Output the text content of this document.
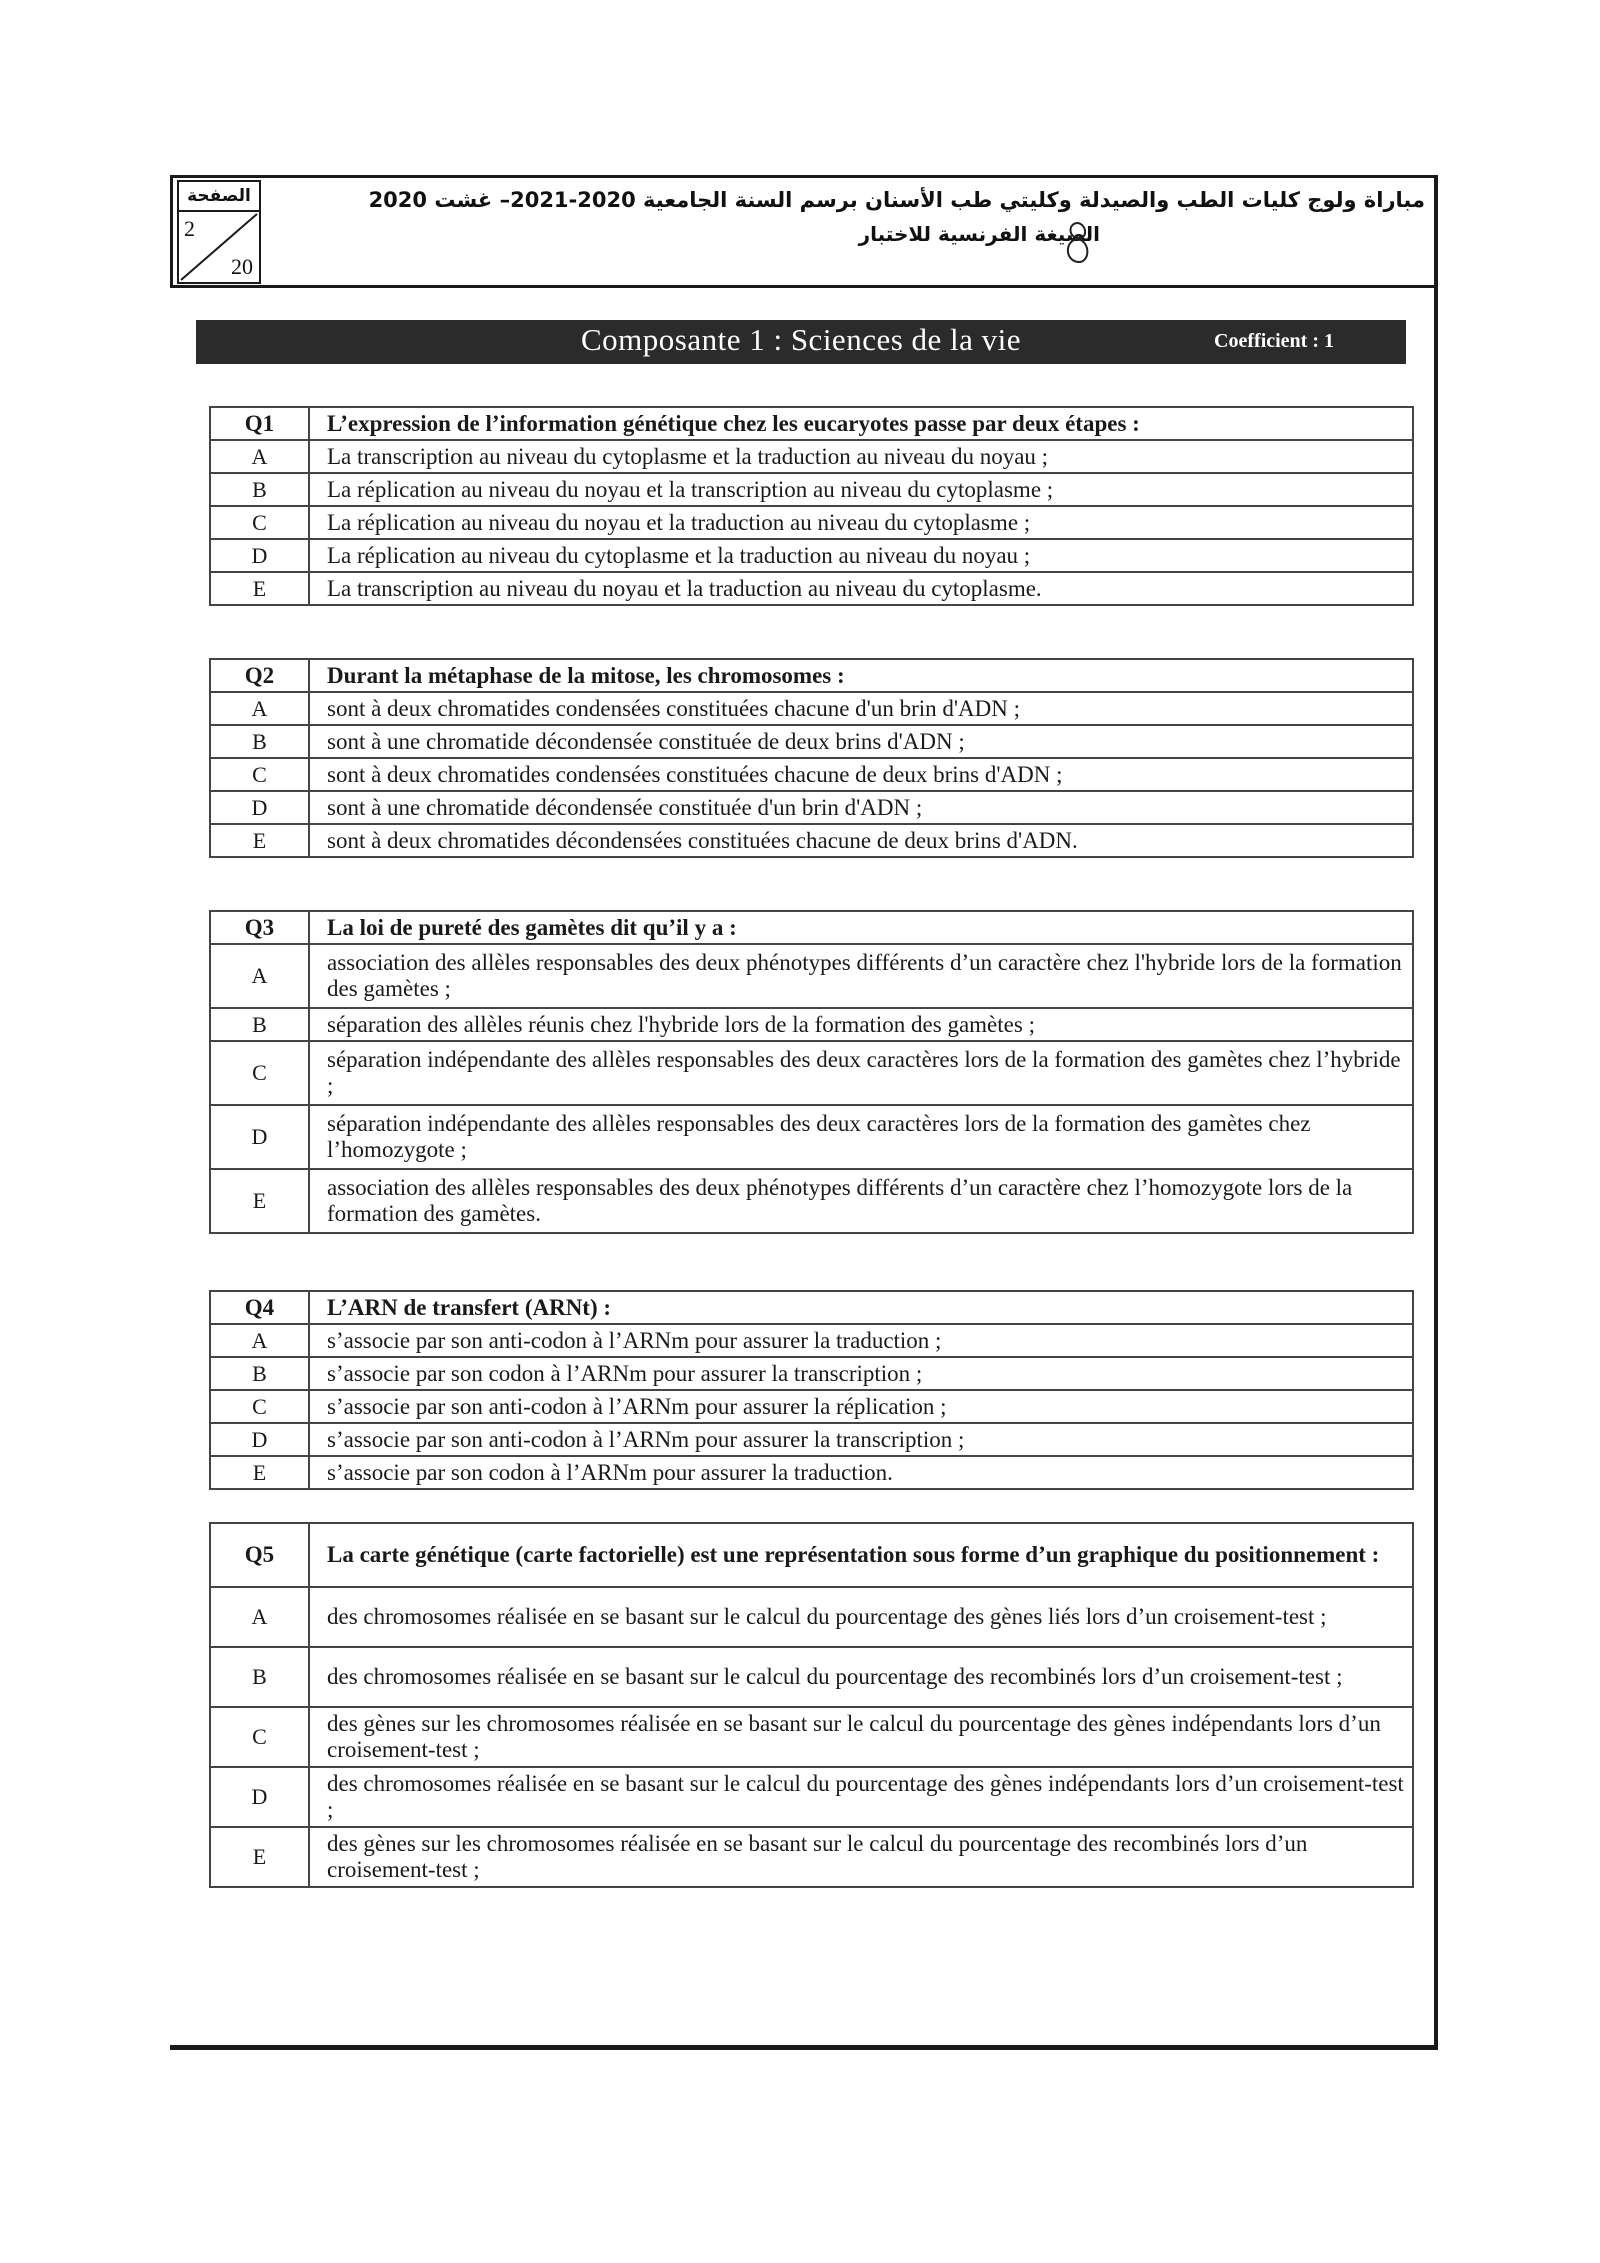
الصفحة
2
20
مباراة ولوج كليات الطب والصيدلة وكليتي طب الأسنان برسم السنة الجامعية 2020-2021– غشت 2020
الصيغة الفرنسية للاختبار
Composante 1 : Sciences de la vie	Coefficient : 1
Q1	L’expression de l’information génétique chez les eucaryotes passe par deux étapes :
A	La transcription au niveau du cytoplasme et la traduction au niveau du noyau ;
B	La réplication au niveau du noyau et la transcription au niveau du cytoplasme ;
C	La réplication au niveau du noyau et la traduction au niveau du cytoplasme ;
D	La réplication au niveau du cytoplasme et la traduction au niveau du noyau ;
E	La transcription au niveau du noyau et la traduction au niveau du cytoplasme.
Q2	Durant la métaphase de la mitose, les chromosomes :
A	sont à deux chromatides condensées constituées chacune d'un brin d'ADN ;
B	sont à une chromatide décondensée constituée de deux brins d'ADN ;
C	sont à deux chromatides condensées constituées chacune de deux brins d'ADN ;
D	sont à une chromatide décondensée constituée d'un brin d'ADN ;
E	sont à deux chromatides décondensées constituées chacune de deux brins d'ADN.
Q3	La loi de pureté des gamètes dit qu’il y a :
A	association des allèles responsables des deux phénotypes différents d’un caractère chez l'hybride lors de la formation des gamètes ;
B	séparation des allèles réunis chez l'hybride lors de la formation des gamètes ;
C	séparation indépendante des allèles responsables des deux caractères lors de la formation des gamètes chez l’hybride ;
D	séparation indépendante des allèles responsables des deux caractères lors de la formation des gamètes chez l’homozygote ;
E	association des allèles responsables des deux phénotypes différents d’un caractère chez l’homozygote lors de la formation des gamètes.
Q4	L’ARN de transfert (ARNt) :
A	s’associe par son anti-codon à l’ARNm pour assurer la traduction ;
B	s’associe par son codon à l’ARNm pour assurer la transcription ;
C	s’associe par son anti-codon à l’ARNm pour assurer la réplication ;
D	s’associe par son anti-codon à l’ARNm pour assurer la transcription ;
E	s’associe par son codon à l’ARNm pour assurer la traduction.
Q5	La carte génétique (carte factorielle) est une représentation sous forme d’un graphique du positionnement :
A	des chromosomes réalisée en se basant sur le calcul du pourcentage des gènes liés lors d’un croisement-test ;
B	des chromosomes réalisée en se basant sur le calcul du pourcentage des recombinés lors d’un croisement-test ;
C	des gènes sur les chromosomes réalisée en se basant sur le calcul du pourcentage des gènes indépendants lors d’un croisement-test ;
D	des chromosomes réalisée en se basant sur le calcul du pourcentage des gènes indépendants lors d’un croisement-test ;
E	des gènes sur les chromosomes réalisée en se basant sur le calcul du pourcentage des recombinés lors d’un croisement-test ;
